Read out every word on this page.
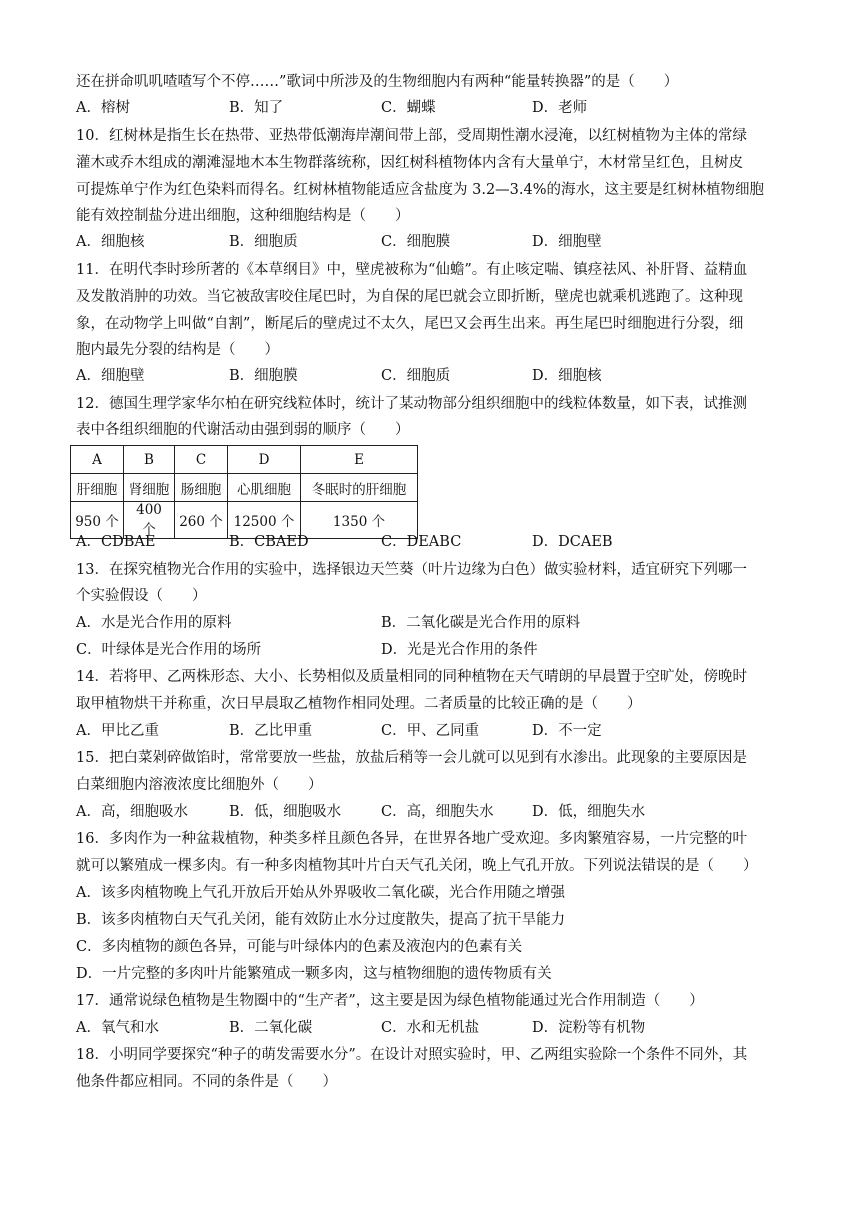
还在拼命叽叽喳喳写个不停……”歌词中所涉及的生物细胞内有两种“能量转换器”的是（　　）
A．榕树	B．知了	C．蝴蝶	D．老师
10．红树林是指生长在热带、亚热带低潮海岸潮间带上部，受周期性潮水浸淹，以红树植物为主体的常绿
灌木或乔木组成的潮滩湿地木本生物群落统称，因红树科植物体内含有大量单宁，木材常呈红色，且树皮
可提炼单宁作为红色染料而得名。红树林植物能适应含盐度为 3.2—3.4%的海水，这主要是红树林植物细胞
能有效控制盐分进出细胞，这种细胞结构是（　　）
A．细胞核	B．细胞质	C．细胞膜	D．细胞壁
11．在明代李时珍所著的《本草纲目》中，壁虎被称为“仙蟾”。有止咳定喘、镇痉祛风、补肝肾、益精血
及发散消肿的功效。当它被敌害咬住尾巴时，为自保的尾巴就会立即折断，壁虎也就乘机逃跑了。这种现
象，在动物学上叫做“自割”，断尾后的壁虎过不太久，尾巴又会再生出来。再生尾巴时细胞进行分裂，细
胞内最先分裂的结构是（　　）
A．细胞壁	B．细胞膜	C．细胞质	D．细胞核
12．德国生理学家华尔柏在研究线粒体时，统计了某动物部分组织细胞中的线粒体数量，如下表，试推测
表中各组织细胞的代谢活动由强到弱的顺序（　　）
A	B	C	D	E
肝细胞	肾细胞	肠细胞	心肌细胞	冬眠时的肝细胞
950 个	400 个	260 个	12500 个	1350 个
A．CDBAE	B．CBAED	C．DEABC	D．DCAEB
13．在探究植物光合作用的实验中，选择银边天竺葵（叶片边缘为白色）做实验材料，适宜研究下列哪一
个实验假设（　　）
A．水是光合作用的原料	B．二氧化碳是光合作用的原料
C．叶绿体是光合作用的场所	D．光是光合作用的条件
14．若将甲、乙两株形态、大小、长势相似及质量相同的同种植物在天气晴朗的早晨置于空旷处，傍晚时
取甲植物烘干并称重，次日早晨取乙植物作相同处理。二者质量的比较正确的是（　　）
A．甲比乙重	B．乙比甲重	C．甲、乙同重	D．不一定
15．把白菜剁碎做馅时，常常要放一些盐，放盐后稍等一会儿就可以见到有水渗出。此现象的主要原因是
白菜细胞内溶液浓度比细胞外（　　）
A．高，细胞吸水	B．低，细胞吸水	C．高，细胞失水	D．低，细胞失水
16．多肉作为一种盆栽植物，种类多样且颜色各异，在世界各地广受欢迎。多肉繁殖容易，一片完整的叶
就可以繁殖成一棵多肉。有一种多肉植物其叶片白天气孔关闭，晚上气孔开放。下列说法错误的是（　　）
A．该多肉植物晚上气孔开放后开始从外界吸收二氧化碳，光合作用随之增强
B．该多肉植物白天气孔关闭，能有效防止水分过度散失，提高了抗干旱能力
C．多肉植物的颜色各异，可能与叶绿体内的色素及液泡内的色素有关
D．一片完整的多肉叶片能繁殖成一颗多肉，这与植物细胞的遗传物质有关
17．通常说绿色植物是生物圈中的“生产者”，这主要是因为绿色植物能通过光合作用制造（　　）
A．氧气和水	B．二氧化碳	C．水和无机盐	D．淀粉等有机物
18．小明同学要探究“种子的萌发需要水分”。在设计对照实验时，甲、乙两组实验除一个条件不同外，其
他条件都应相同。不同的条件是（　　）
